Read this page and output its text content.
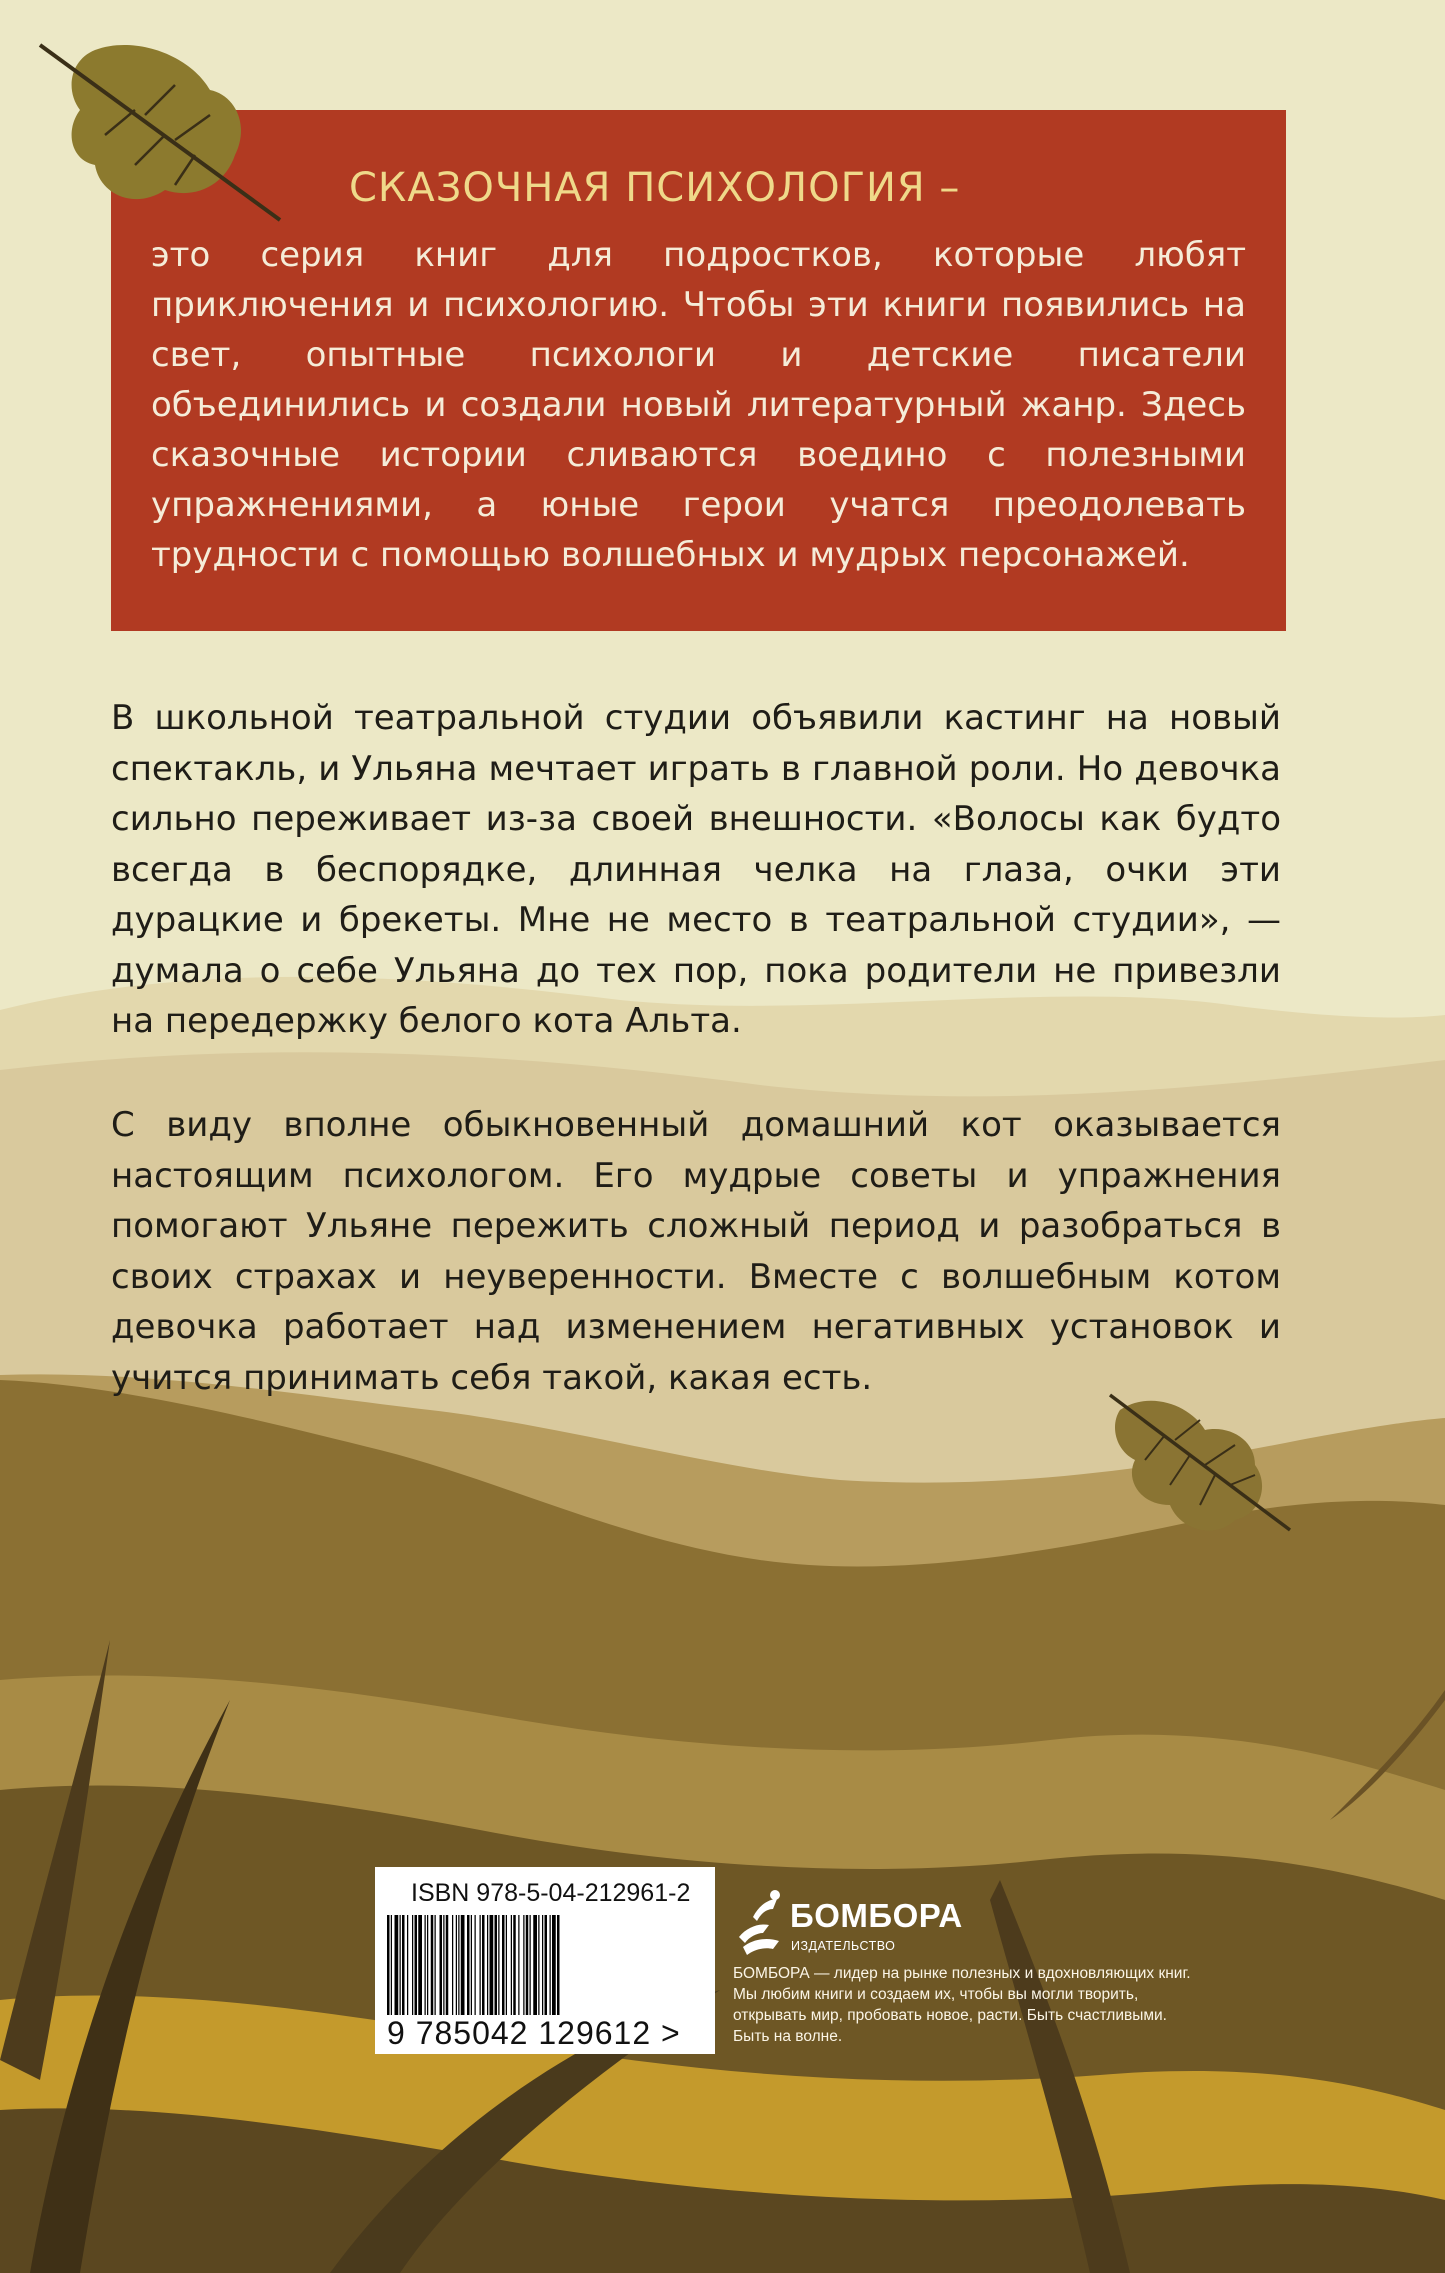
СКАЗОЧНАЯ ПСИХОЛОГИЯ –

это серия книг для подростков, которые любят приключения и психологию. Чтобы эти книги появились на свет, опытные психологи и детские писатели объединились и создали новый литературный жанр. Здесь сказочные истории сливаются воедино с полезными упражнениями, а юные герои учатся преодолевать трудности с помощью волшебных и мудрых персонажей.

В школьной театральной студии объявили кастинг на новый спектакль, и Ульяна мечтает играть в главной роли. Но девочка сильно переживает из-за своей внешности. «Волосы как будто всегда в беспорядке, длинная челка на глаза, очки эти дурацкие и брекеты. Мне не место в театральной студии», — думала о себе Ульяна до тех пор, пока родители не привезли на передержку белого кота Альта.

С виду вполне обыкновенный домашний кот оказывается настоящим психологом. Его мудрые советы и упражнения помогают Ульяне пережить сложный период и разобраться в своих страхах и неуверенности. Вместе с волшебным котом девочка работает над изменением негативных установок и учится принимать себя такой, какая есть.

ISBN 978-5-04-212961-2
9 785042 129612 >
БОМБОРА
ИЗДАТЕЛЬСТВО

БОМБОРА — лидер на рынке полезных и вдохновляющих книг. Мы любим книги и создаем их, чтобы вы могли творить, открывать мир, пробовать новое, расти. Быть счастливыми. Быть на волне.
